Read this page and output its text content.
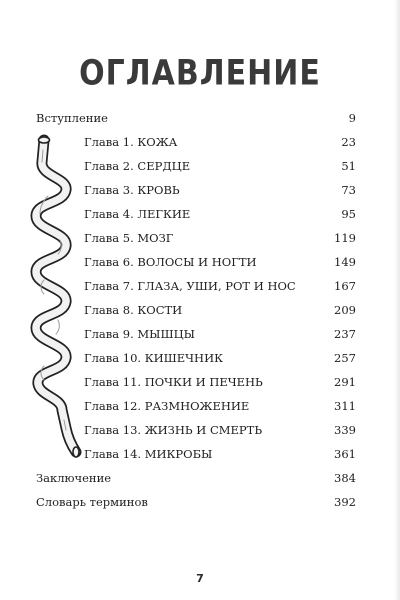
ОГЛАВЛЕНИЕ
Вступление	9
Глава 1. КОЖА	23
Глава 2. СЕРДЦЕ	51
Глава 3. КРОВЬ	73
Глава 4. ЛЕГКИЕ	95
Глава 5. МОЗГ	119
Глава 6. ВОЛОСЫ И НОГТИ	149
Глава 7. ГЛАЗА, УШИ, РОТ И НОС	167
Глава 8. КОСТИ	209
Глава 9. МЫШЦЫ	237
Глава 10. КИШЕЧНИК	257
Глава 11. ПОЧКИ И ПЕЧЕНЬ	291
Глава 12. РАЗМНОЖЕНИЕ	311
Глава 13. ЖИЗНЬ И СМЕРТЬ	339
Глава 14. МИКРОБЫ	361
Заключение	384
Словарь терминов	392
7
